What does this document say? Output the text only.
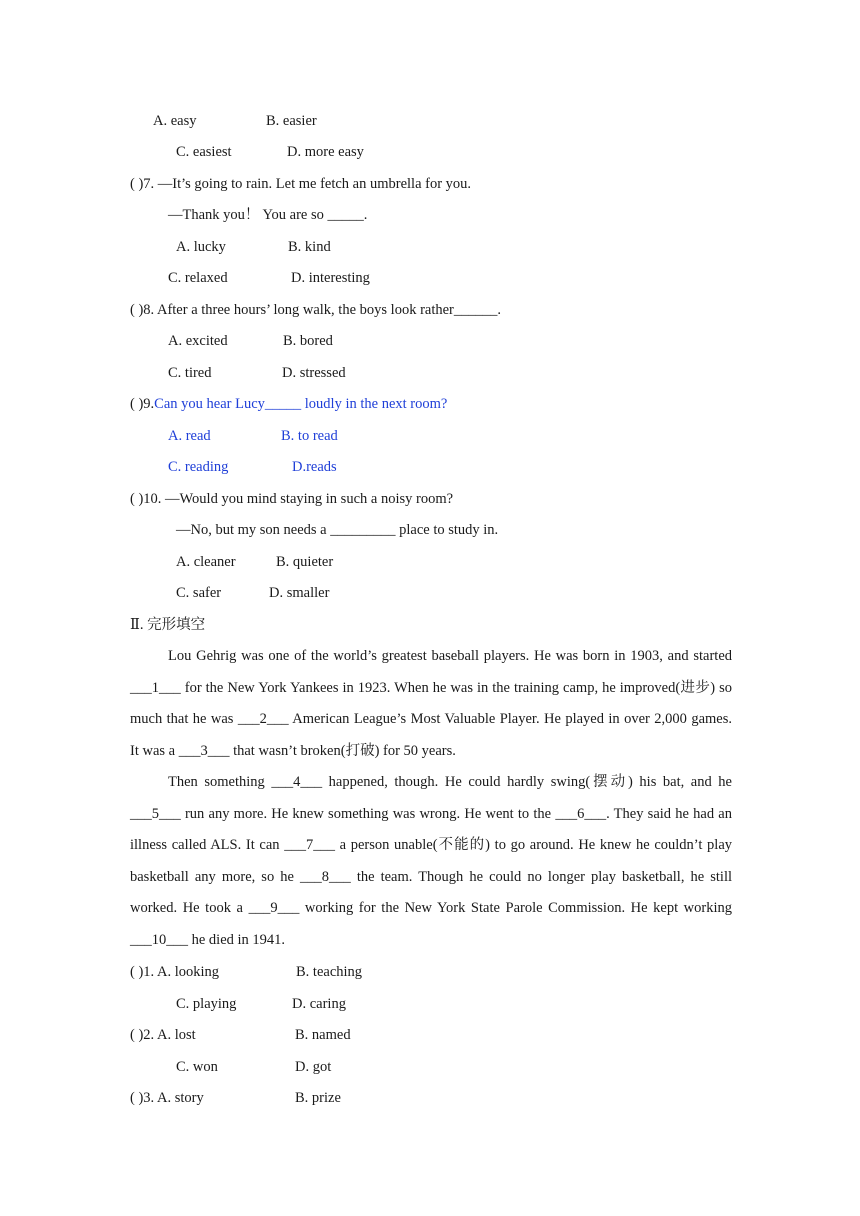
A. easy	B. easier
C. easiest	D. more easy
( )7. —It’s going to rain. Let me fetch an umbrella for you.
—Thank you！ You are so _____.
A. lucky	B. kind
C. relaxed	D. interesting
( )8. After a three hours’ long walk, the boys look rather______.
A. excited	B. bored
C. tired	D. stressed
( )9.Can you hear Lucy_____ loudly in the next room?
A. read	B. to read
C. reading	D.reads
( )10. —Would you mind staying in such a noisy room?
—No, but my son needs a _________ place to study in.
A. cleaner	B. quieter
C. safer	D. smaller
Ⅱ. 完形填空

Lou Gehrig was one of the world’s greatest baseball players. He was born in 1903, and started ___1___ for the New York Yankees in 1923. When he was in the training camp, he improved(进步) so much that he was ___2___ American League’s Most Valuable Player. He played in over 2,000 games. It was a ___3___ that wasn’t broken(打破) for 50 years.

Then something ___4___ happened, though. He could hardly swing(摆动) his bat, and he ___5___ run any more. He knew something was wrong. He went to the ___6___. They said he had an illness called ALS. It can ___7___ a person unable(不能的) to go around. He knew he couldn’t play basketball any more, so he ___8___ the team. Though he could no longer play basketball, he still worked. He took a ___9___ working for the New York State Parole Commission. He kept working ___10___ he died in 1941.

( )1. A. looking	B. teaching
C. playing	D. caring
( )2. A. lost	B. named
C. won	D. got
( )3. A. story	B. prize
